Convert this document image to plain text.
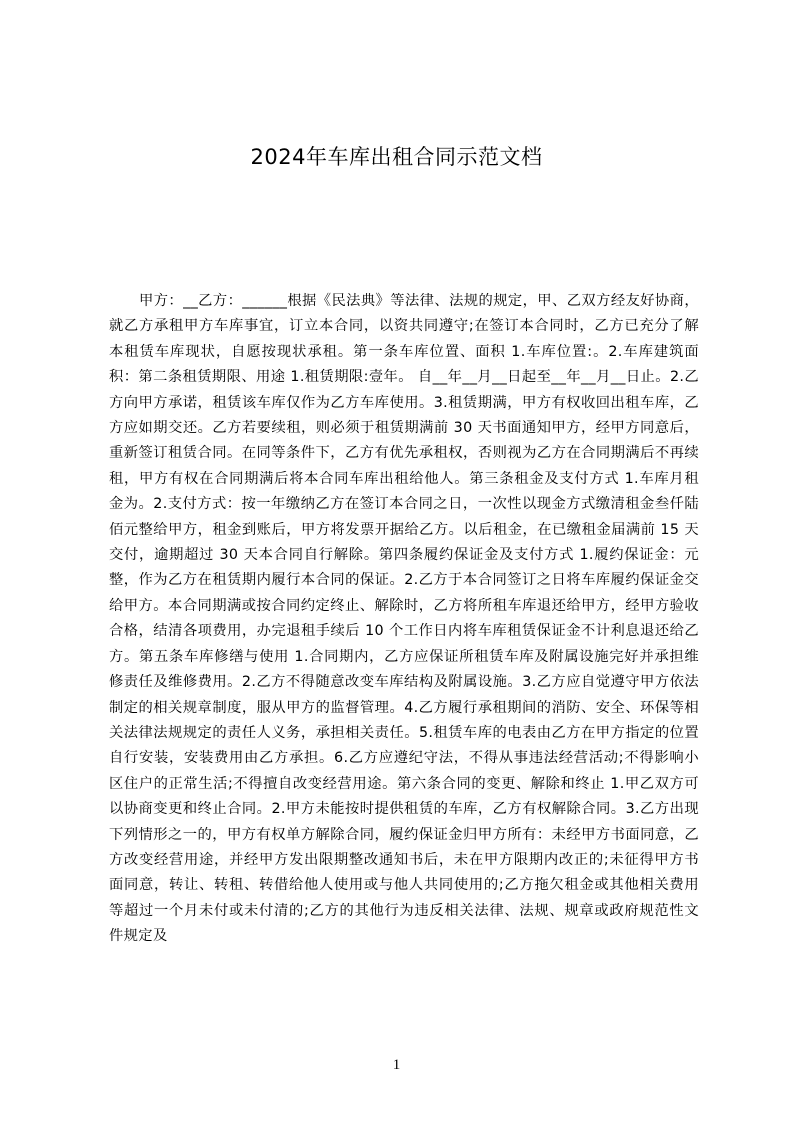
2024年车库出租合同示范文档

甲方：__乙方：______根据《民法典》等法律、法规的规定，甲、乙双方经友好协商，就乙方承租甲方车库事宜，订立本合同，以资共同遵守;在签订本合同时，乙方已充分了解本租赁车库现状，自愿按现状承租。第一条车库位置、面积 1.车库位置:。2.车库建筑面积：第二条租赁期限、用途 1.租赁期限:壹年。 自__年__月__日起至__年__月__日止。2.乙方向甲方承诺，租赁该车库仅作为乙方车库使用。3.租赁期满，甲方有权收回出租车库，乙方应如期交还。乙方若要续租，则必须于租赁期满前 30 天书面通知甲方，经甲方同意后，重新签订租赁合同。在同等条件下，乙方有优先承租权，否则视为乙方在合同期满后不再续租，甲方有权在合同期满后将本合同车库出租给他人。第三条租金及支付方式 1.车库月租金为。2.支付方式：按一年缴纳乙方在签订本合同之日，一次性以现金方式缴清租金叁仟陆佰元整给甲方，租金到账后，甲方将发票开据给乙方。以后租金，在已缴租金届满前 15 天交付，逾期超过 30 天本合同自行解除。第四条履约保证金及支付方式 1.履约保证金：元整，作为乙方在租赁期内履行本合同的保证。2.乙方于本合同签订之日将车库履约保证金交给甲方。本合同期满或按合同约定终止、解除时，乙方将所租车库退还给甲方，经甲方验收合格，结清各项费用，办完退租手续后 10 个工作日内将车库租赁保证金不计利息退还给乙方。第五条车库修缮与使用 1.合同期内，乙方应保证所租赁车库及附属设施完好并承担维修责任及维修费用。2.乙方不得随意改变车库结构及附属设施。3.乙方应自觉遵守甲方依法制定的相关规章制度，服从甲方的监督管理。4.乙方履行承租期间的消防、安全、环保等相关法律法规规定的责任人义务，承担相关责任。5.租赁车库的电表由乙方在甲方指定的位置自行安装，安装费用由乙方承担。6.乙方应遵纪守法，不得从事违法经营活动;不得影响小区住户的正常生活;不得擅自改变经营用途。第六条合同的变更、解除和终止 1.甲乙双方可以协商变更和终止合同。2.甲方未能按时提供租赁的车库，乙方有权解除合同。3.乙方出现下列情形之一的，甲方有权单方解除合同，履约保证金归甲方所有：未经甲方书面同意，乙方改变经营用途，并经甲方发出限期整改通知书后，未在甲方限期内改正的;未征得甲方书面同意，转让、转租、转借给他人使用或与他人共同使用的;乙方拖欠租金或其他相关费用等超过一个月未付或未付清的;乙方的其他行为违反相关法律、法规、规章或政府规范性文件规定及

1
